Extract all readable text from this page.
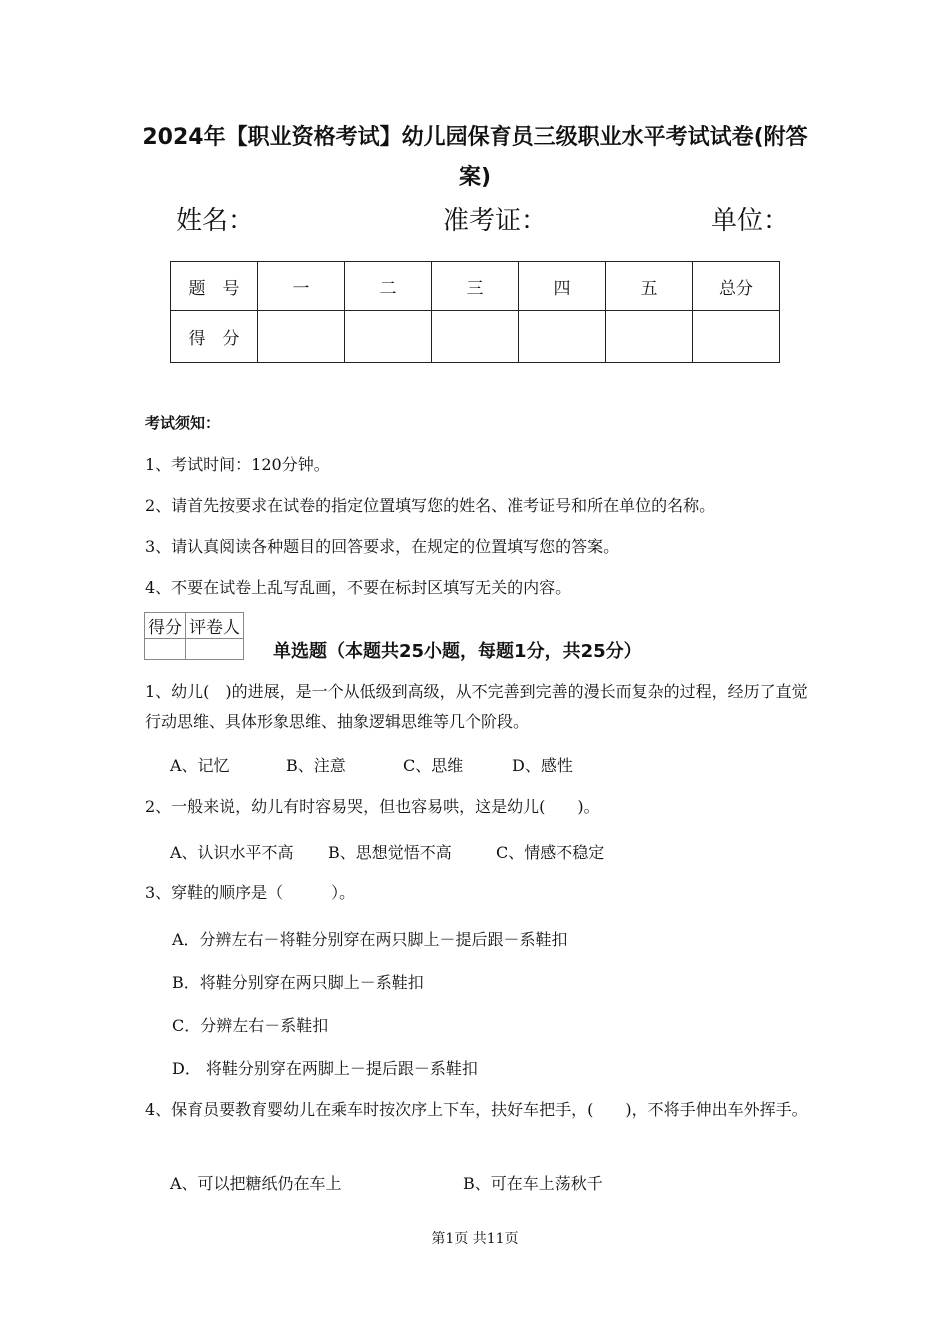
2024年【职业资格考试】幼儿园保育员三级职业水平考试试卷(附答案)
姓名：	准考证：	单位：
题　号	一	二	三	四	五	总分
得　分						
考试须知：
1、考试时间：120分钟。
2、请首先按要求在试卷的指定位置填写您的姓名、准考证号和所在单位的名称。
3、请认真阅读各种题目的回答要求，在规定的位置填写您的答案。
4、不要在试卷上乱写乱画，不要在标封区填写无关的内容。
得分	评卷人

单选题（本题共25小题，每题1分，共25分）
1、幼儿(　)的进展，是一个从低级到高级，从不完善到完善的漫长而复杂的过程，经历了直觉行动思维、具体形象思维、抽象逻辑思维等几个阶段。
A、记忆	B、注意	C、思维	D、感性
2、一般来说，幼儿有时容易哭，但也容易哄，这是幼儿(　　)。
A、认识水平不高 B、思想觉悟不高	C、情感不稳定
3、穿鞋的顺序是（　　　）。
A．分辨左右－将鞋分别穿在两只脚上－提后跟－系鞋扣
B．将鞋分别穿在两只脚上－系鞋扣
C．分辨左右－系鞋扣
D． 将鞋分别穿在两脚上－提后跟－系鞋扣
4、保育员要教育婴幼儿在乘车时按次序上下车，扶好车把手，(　　)，不将手伸出车外挥手。
A、可以把糖纸仍在车上	B、可在车上荡秋千
第1页 共11页
